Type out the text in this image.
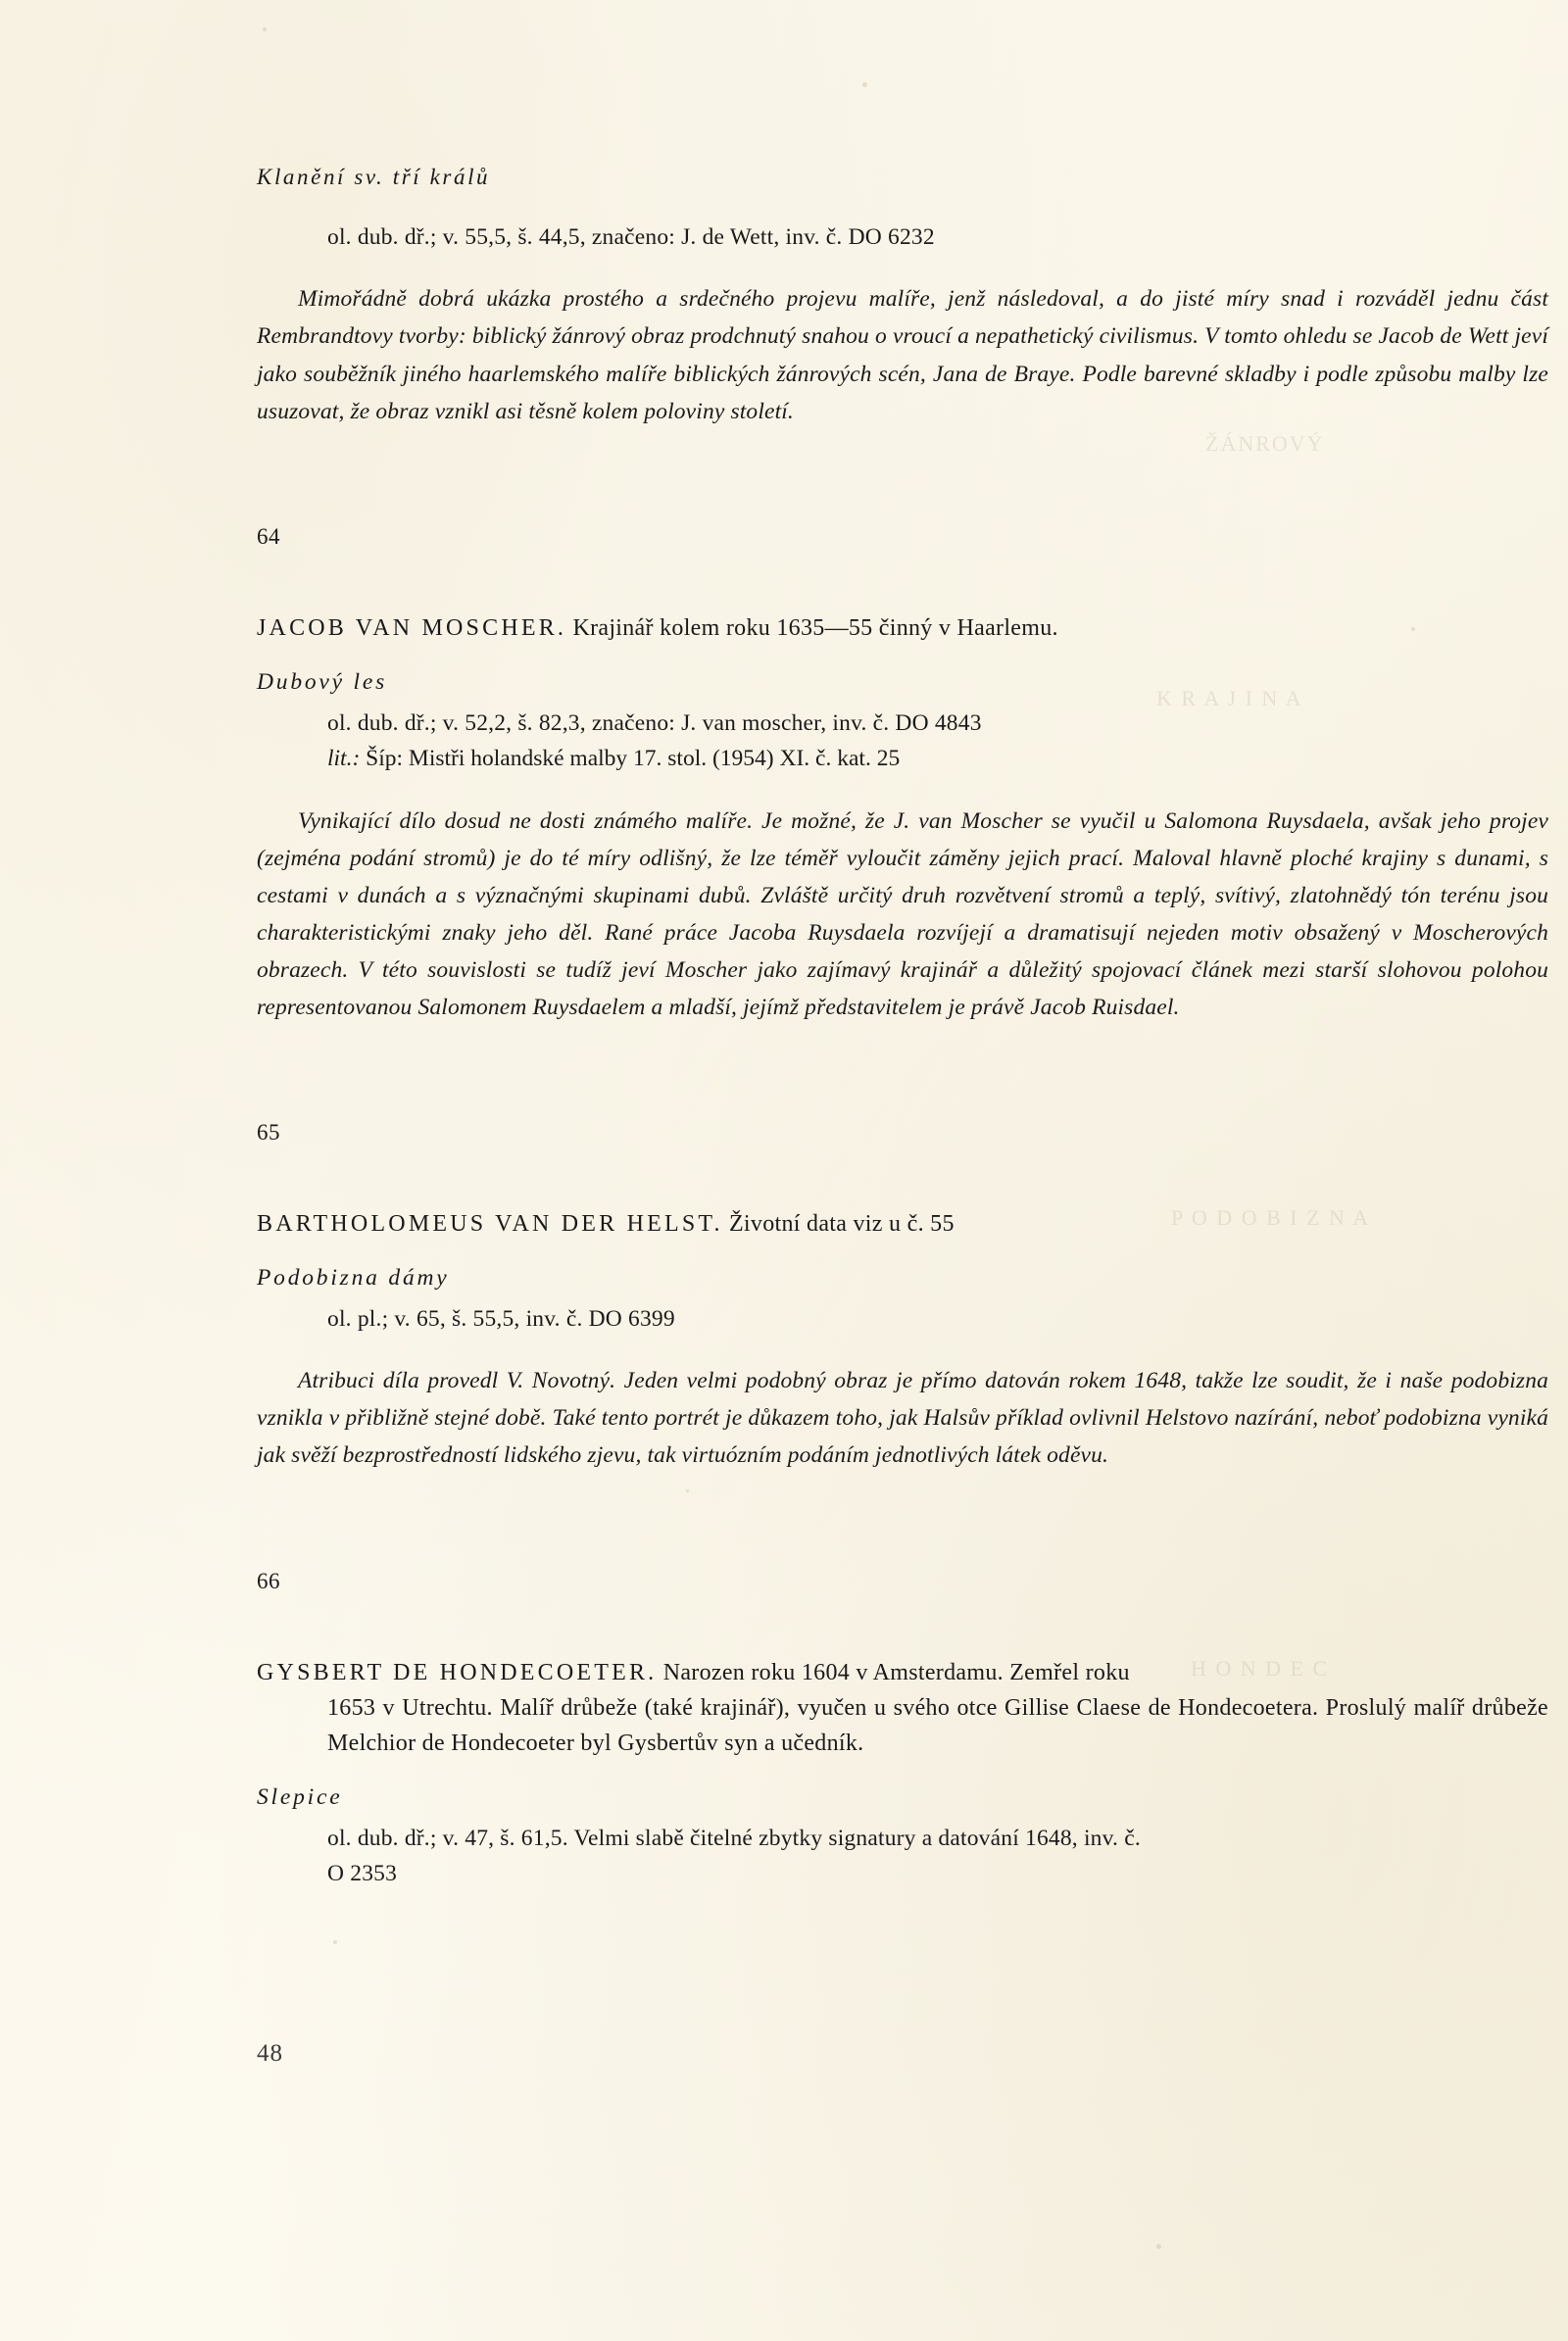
ŽÁNROVÝ
K R A J I N A
P O D O B I Z N A
H O N D E C
Klanění sv. tří králů
ol. dub. dř.; v. 55,5, š. 44,5, značeno: J. de Wett, inv. č. DO 6232
Mimořádně dobrá ukázka prostého a srdečného projevu malíře, jenž následoval, a do jisté míry snad i rozváděl jednu část Rembrandtovy tvorby: biblický žánrový obraz prodchnutý snahou o vroucí a nepathetický civilismus. V tomto ohledu se Jacob de Wett jeví jako souběžník jiného haarlemského malíře biblických žánrových scén, Jana de Braye. Podle barevné skladby i podle způsobu malby lze usuzovat, že obraz vznikl asi těsně kolem poloviny století.
64
JACOB VAN MOSCHER. Krajinář kolem roku 1635—55 činný v Haarlemu.
Dubový les
ol. dub. dř.; v. 52,2, š. 82,3, značeno: J. van moscher, inv. č. DO 4843
lit.: Šíp: Mistři holandské malby 17. stol. (1954) XI. č. kat. 25
Vynikající dílo dosud ne dosti známého malíře. Je možné, že J. van Moscher se vyučil u Salomona Ruysdaela, avšak jeho projev (zejména podání stromů) je do té míry odlišný, že lze téměř vyloučit záměny jejich prací. Maloval hlavně ploché krajiny s dunami, s cestami v dunách a s význačnými skupinami dubů. Zvláště určitý druh rozvětvení stromů a teplý, svítivý, zlatohnědý tón terénu jsou charakteristickými znaky jeho děl. Rané práce Jacoba Ruysdaela rozvíjejí a dramatisují nejeden motiv obsažený v Moscherových obrazech. V této souvislosti se tudíž jeví Moscher jako zajímavý krajinář a důležitý spojovací článek mezi starší slohovou polohou representovanou Salomonem Ruysdaelem a mladší, jejímž představitelem je právě Jacob Ruisdael.
65
BARTHOLOMEUS VAN DER HELST. Životní data viz u č. 55
Podobizna dámy
ol. pl.; v. 65, š. 55,5, inv. č. DO 6399
Atribuci díla provedl V. Novotný. Jeden velmi podobný obraz je přímo datován rokem 1648, takže lze soudit, že i naše podobizna vznikla v přibližně stejné době. Také tento portrét je důkazem toho, jak Halsův příklad ovlivnil Helstovo nazírání, neboť podobizna vyniká jak svěží bezprostředností lidského zjevu, tak virtuózním podáním jednotlivých látek oděvu.
66
GYSBERT DE HONDECOETER. Narozen roku 1604 v Amsterdamu. Zemřel roku
1653 v Utrechtu. Malíř drůbeže (také krajinář), vyučen u svého otce Gillise Claese de Hondecoetera. Proslulý malíř drůbeže Melchior de Hondecoeter byl Gysbertův syn a učedník.
Slepice
ol. dub. dř.; v. 47, š. 61,5. Velmi slabě čitelné zbytky signatury a datování 1648, inv. č.
O 2353
48
